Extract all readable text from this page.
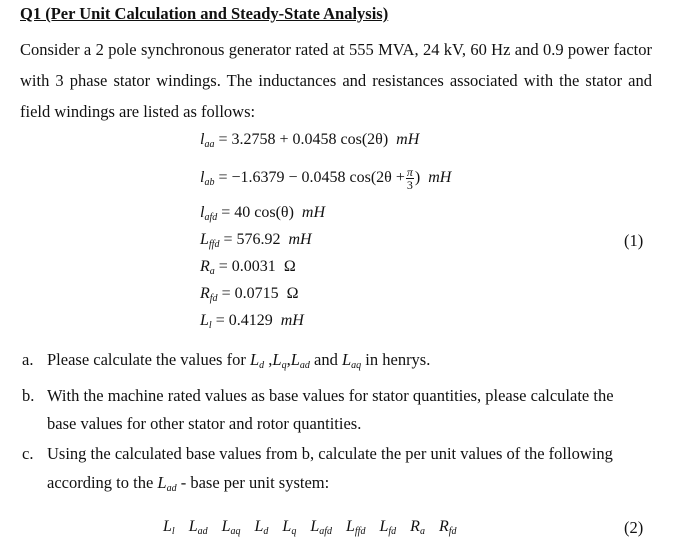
Q1 (Per Unit Calculation and Steady-State Analysis)
Consider a 2 pole synchronous generator rated at 555 MVA, 24 kV, 60 Hz and 0.9 power factor with 3 phase stator windings. The inductances and resistances associated with the stator and field windings are listed as follows:
$l_{aa} = 3.2758 + 0.0458$ cos(2θ) mH
$l_{ab} = -1.6379 - 0.0458$ $\cos(2\theta + \frac{\pi}{3}$ ) mH
$l_{afd} = 40$ cos(θ) mH
$L_{ffd} = 576.92$ mH
$R_a = 0.0031$ Ω
$R_{fd} = 0.0715$ Ω
$L_l = 0.4129$ mH
(1)
a. Please calculate the values for $L_d$ $,L_q,L_{ad}$ and $L_{aq}$ in henrys.
b. With the machine rated values as base values for stator quantities, please calculate the
base values for other stator and rotor quantities.
c. Using the calculated base values from b, calculate the per unit values of the following
according to the $L_{ad}$ - base per unit system:
$L_l$ $L_{ad}$ $L_{aq}$ $L_d$ $L_q$ $L_{afd}$ $L_{ffd}$ $L_{fd}$ $R_a$ $R_{fd}$	(2)
